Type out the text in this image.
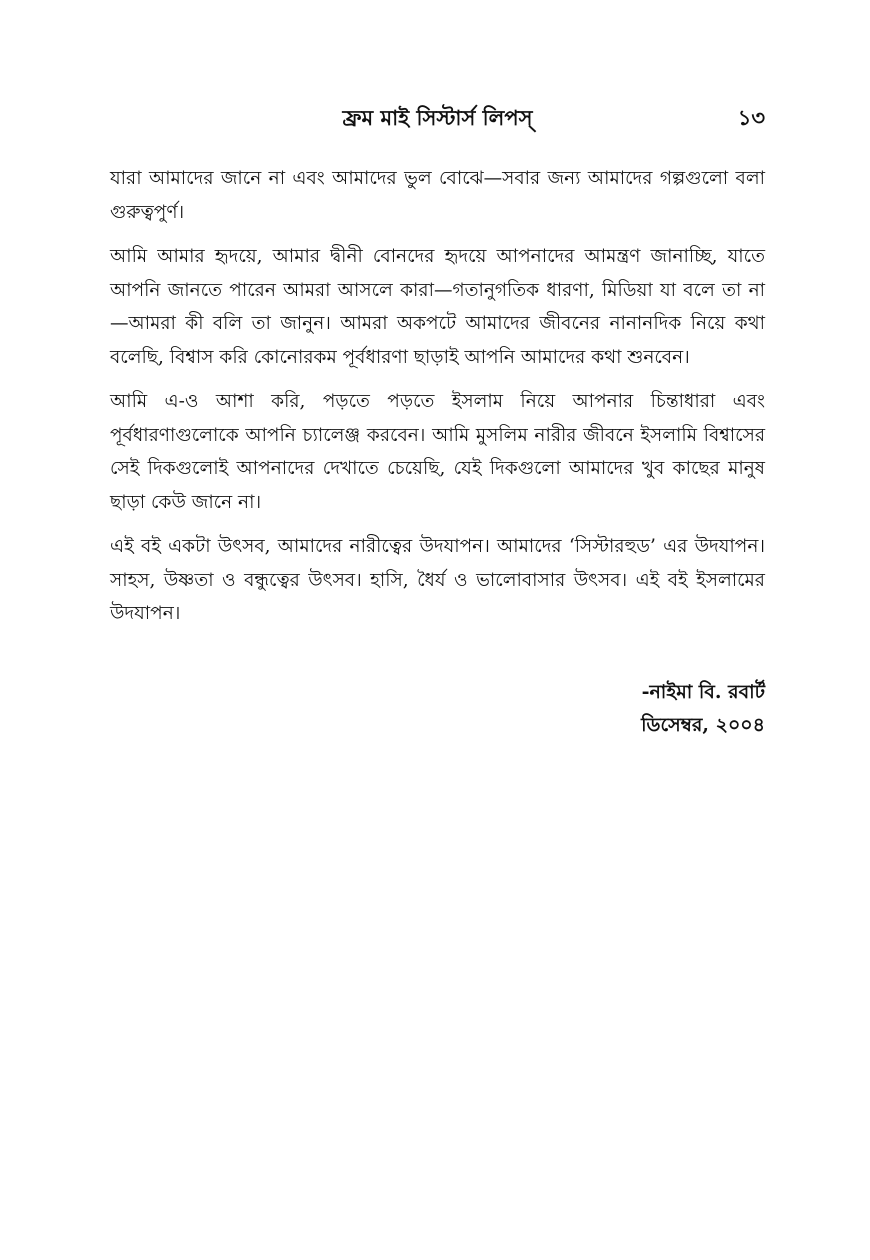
ফ্রম মাই সিস্টার্স লিপস্	১৩

যারা আমাদের জানে না এবং আমাদের ভুল বোঝে—সবার জন্য আমাদের গল্পগুলো বলা গুরুত্বপুর্ণ।

আমি আমার হৃদয়ে, আমার দ্বীনী বোনদের হৃদয়ে আপনাদের আমন্ত্রণ জানাচ্ছি, যাতে আপনি জানতে পারেন আমরা আসলে কারা—গতানুগতিক ধারণা, মিডিয়া যা বলে তা না—আমরা কী বলি তা জানুন। আমরা অকপটে আমাদের জীবনের নানানদিক নিয়ে কথা বলেছি, বিশ্বাস করি কোনোরকম পূর্বধারণা ছাড়াই আপনি আমাদের কথা শুনবেন।

আমি এ-ও আশা করি, পড়তে পড়তে ইসলাম নিয়ে আপনার চিন্তাধারা এবং পূর্বধারণাগুলোকে আপনি চ্যালেঞ্জ করবেন। আমি মুসলিম নারীর জীবনে ইসলামি বিশ্বাসের সেই দিকগুলোই আপনাদের দেখাতে চেয়েছি, যেই দিকগুলো আমাদের খুব কাছের মানুষ ছাড়া কেউ জানে না।

এই বই একটা উৎসব, আমাদের নারীত্বের উদযাপন। আমাদের ‘সিস্টারহুড’ এর উদযাপন। সাহস, উষ্ণতা ও বন্ধুত্বের উৎসব। হাসি, ধৈর্য ও ভালোবাসার উৎসব। এই বই ইসলামের উদযাপন।

-নাইমা বি. রবার্ট
ডিসেম্বর, ২০০৪
